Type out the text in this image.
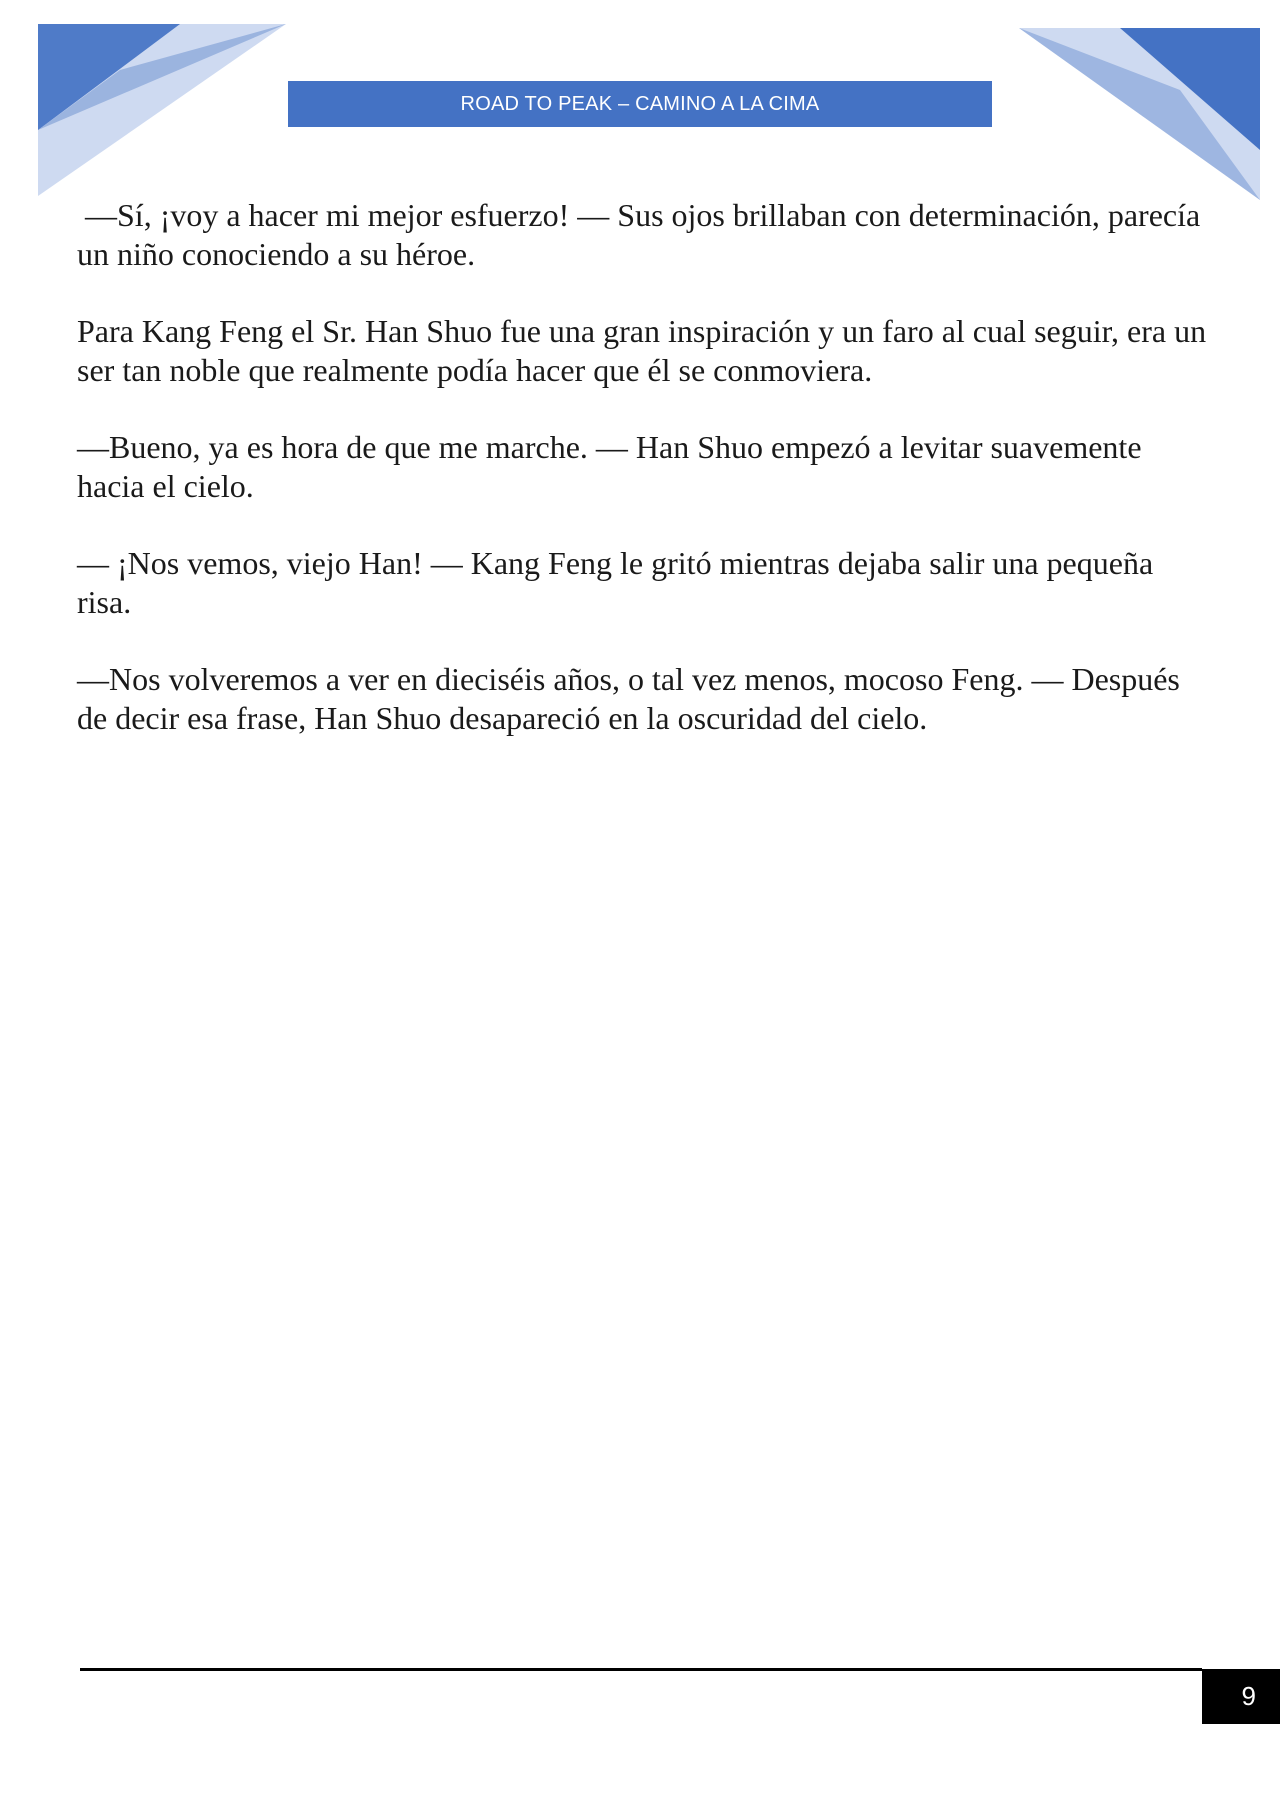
ROAD TO PEAK – CAMINO A LA CIMA

—Sí, ¡voy a hacer mi mejor esfuerzo! — Sus ojos brillaban con determinación, parecía un niño conociendo a su héroe.

Para Kang Feng el Sr. Han Shuo fue una gran inspiración y un faro al cual seguir, era un ser tan noble que realmente podía hacer que él se conmoviera.

—Bueno, ya es hora de que me marche. — Han Shuo empezó a levitar suavemente hacia el cielo.

— ¡Nos vemos, viejo Han! — Kang Feng le gritó mientras dejaba salir una pequeña risa.

—Nos volveremos a ver en dieciséis años, o tal vez menos, mocoso Feng. — Después de decir esa frase, Han Shuo desapareció en la oscuridad del cielo.

9
